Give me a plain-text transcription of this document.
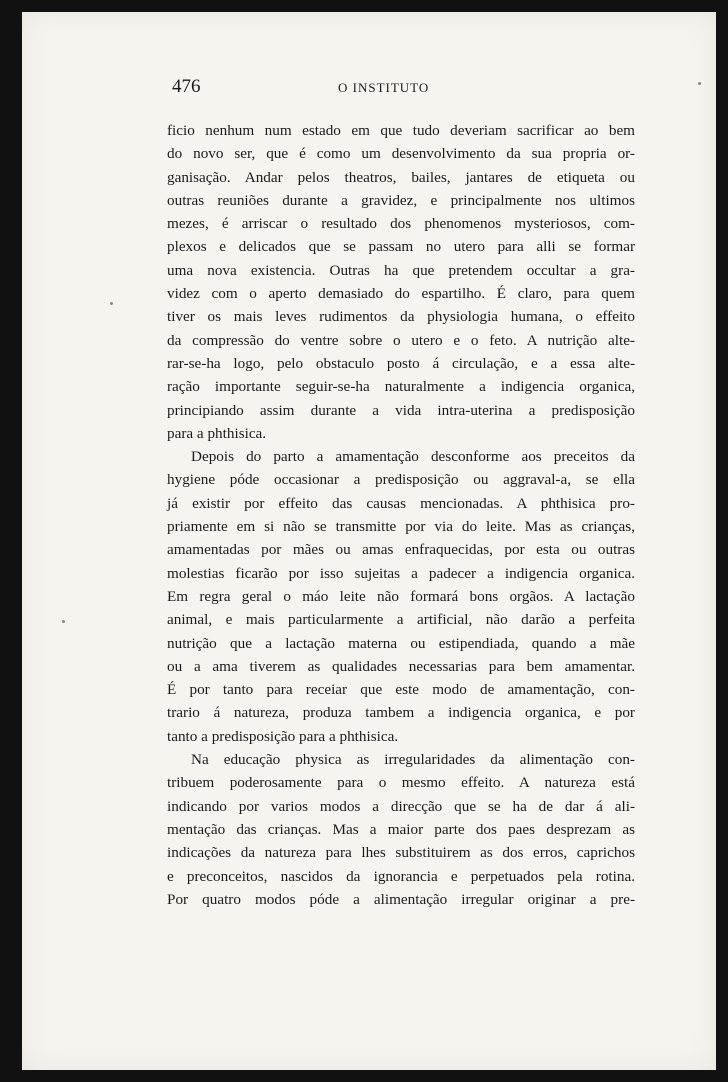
476	O INSTITUTO

ficio nenhum num estado em que tudo deveriam sacrificar ao bem
do novo ser, que é como um desenvolvimento da sua propria or-
ganisação. Andar pelos theatros, bailes, jantares de etiqueta ou
outras reuniões durante a gravidez, e principalmente nos ultimos
mezes, é arriscar o resultado dos phenomenos mysteriosos, com-
plexos e delicados que se passam no utero para alli se formar
uma nova existencia. Outras ha que pretendem occultar a gra-
videz com o aperto demasiado do espartilho. É claro, para quem
tiver os mais leves rudimentos da physiologia humana, o effeito
da compressão do ventre sobre o utero e o feto. A nutrição alte-
rar-se-ha logo, pelo obstaculo posto á circulação, e a essa alte-
ração importante seguir-se-ha naturalmente a indigencia organica,
principiando assim durante a vida intra-uterina a predisposição
para a phthisica.

Depois do parto a amamentação desconforme aos preceitos da
hygiene póde occasionar a predisposição ou aggraval-a, se ella
já existir por effeito das causas mencionadas. A phthisica pro-
priamente em si não se transmitte por via do leite. Mas as crianças,
amamentadas por mães ou amas enfraquecidas, por esta ou outras
molestias ficarão por isso sujeitas a padecer a indigencia organica.
Em regra geral o máo leite não formará bons orgãos. A lactação
animal, e mais particularmente a artificial, não darão a perfeita
nutrição que a lactação materna ou estipendiada, quando a mãe
ou a ama tiverem as qualidades necessarias para bem amamentar.
É por tanto para receiar que este modo de amamentação, con-
trario á natureza, produza tambem a indigencia organica, e por
tanto a predisposição para a phthisica.

Na educação physica as irregularidades da alimentação con-
tribuem poderosamente para o mesmo effeito. A natureza está
indicando por varios modos a direcção que se ha de dar á ali-
mentação das crianças. Mas a maior parte dos paes desprezam as
indicações da natureza para lhes substituirem as dos erros, caprichos
e preconceitos, nascidos da ignorancia e perpetuados pela rotina.
Por quatro modos póde a alimentação irregular originar a pre-
